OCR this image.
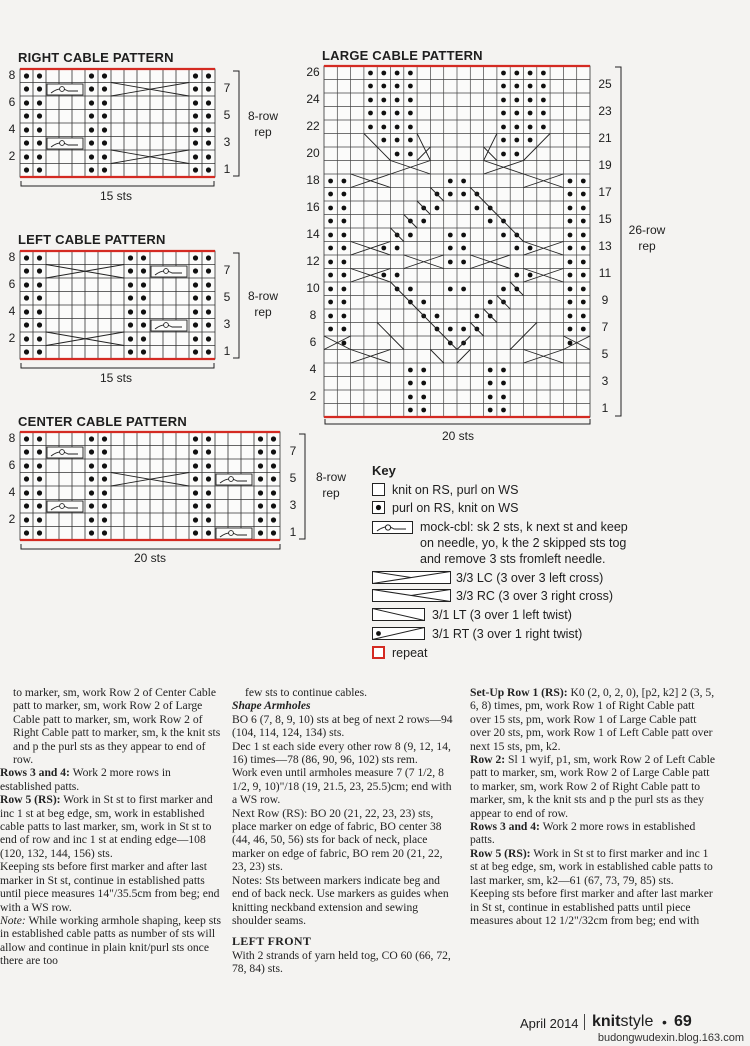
RIGHT CABLE PATTERN
8
6
4
2
7
5
3
1
8-row
rep
15 sts
LEFT CABLE PATTERN
8
6
4
2
7
5
3
1
8-row
rep
15 sts
CENTER CABLE PATTERN
8
6
4
2
7
5
3
1
8-row
rep
20 sts
LARGE CABLE PATTERN
26
24
22
20
18
16
14
12
10
8
6
4
2
25
23
21
19
17
15
13
11
9
7
5
3
1
26-row
rep
20 sts
Key
knit on RS, purl on WS
purl on RS, knit on WS
mock-cbl: sk 2 sts, k next st and keep
on needle, yo, k the 2 skipped sts tog
and remove 3 sts fromleft needle.
3/3 LC (3 over 3 left cross)
3/3 RC (3 over 3 right cross)
3/1 LT (3 over 1 left twist)
3/1 RT (3 over 1 right twist)
repeat

to marker, sm, work Row 2 of Center Cable patt to marker, sm, work Row 2 of Large Cable patt to marker, sm, work Row 2 of Right Cable patt to marker, sm, k the knit sts and p the purl sts as they appear to end of row.

Rows 3 and 4: Work 2 more rows in established patts.

Row 5 (RS): Work in St st to first marker and inc 1 st at beg edge, sm, work in established cable patts to last marker, sm, work in St st to end of row and inc 1 st at ending edge—108 (120, 132, 144, 156) sts.

Keeping sts before first marker and after last marker in St st, continue in established patts until piece measures 14"/35.5cm from beg; end with a WS row.

Note: While working armhole shaping, keep sts in established cable patts as number of sts will allow and continue in plain knit/purl sts once there are too

few sts to continue cables.

Shape Armholes

BO 6 (7, 8, 9, 10) sts at beg of next 2 rows—94 (104, 114, 124, 134) sts.

Dec 1 st each side every other row 8 (9, 12, 14, 16) times—78 (86, 90, 96, 102) sts rem.

Work even until armholes measure 7 (7 1/2, 8 1/2, 9, 10)"/18 (19, 21.5, 23, 25.5)cm; end with a WS row.

Next Row (RS): BO 20 (21, 22, 23, 23) sts, place marker on edge of fabric, BO center 38 (44, 46, 50, 56) sts for back of neck, place marker on edge of fabric, BO rem 20 (21, 22, 23, 23) sts.

Notes: Sts between markers indicate beg and end of back neck. Use markers as guides when knitting neckband extension and sewing shoulder seams.

LEFT FRONT

With 2 strands of yarn held tog, CO 60 (66, 72, 78, 84) sts.

Set-Up Row 1 (RS): K0 (2, 0, 2, 0), [p2, k2] 2 (3, 5, 6, 8) times, pm, work Row 1 of Right Cable patt over 15 sts, pm, work Row 1 of Large Cable patt over 20 sts, pm, work Row 1 of Left Cable patt over next 15 sts, pm, k2.

Row 2: Sl 1 wyif, p1, sm, work Row 2 of Left Cable patt to marker, sm, work Row 2 of Large Cable patt to marker, sm, work Row 2 of Right Cable patt to marker, sm, k the knit sts and p the purl sts as they appear to end of row.

Rows 3 and 4: Work 2 more rows in established patts.

Row 5 (RS): Work in St st to first marker and inc 1 st at beg edge, sm, work in established cable patts to last marker, sm, k2—61 (67, 73, 79, 85) sts.

Keeping sts before first marker and after last marker in St st, continue in established patts until piece measures about 12 1/2"/32cm from beg; end with

April 2014 knitstyle • 69
budongwudexin.blog.163.com
